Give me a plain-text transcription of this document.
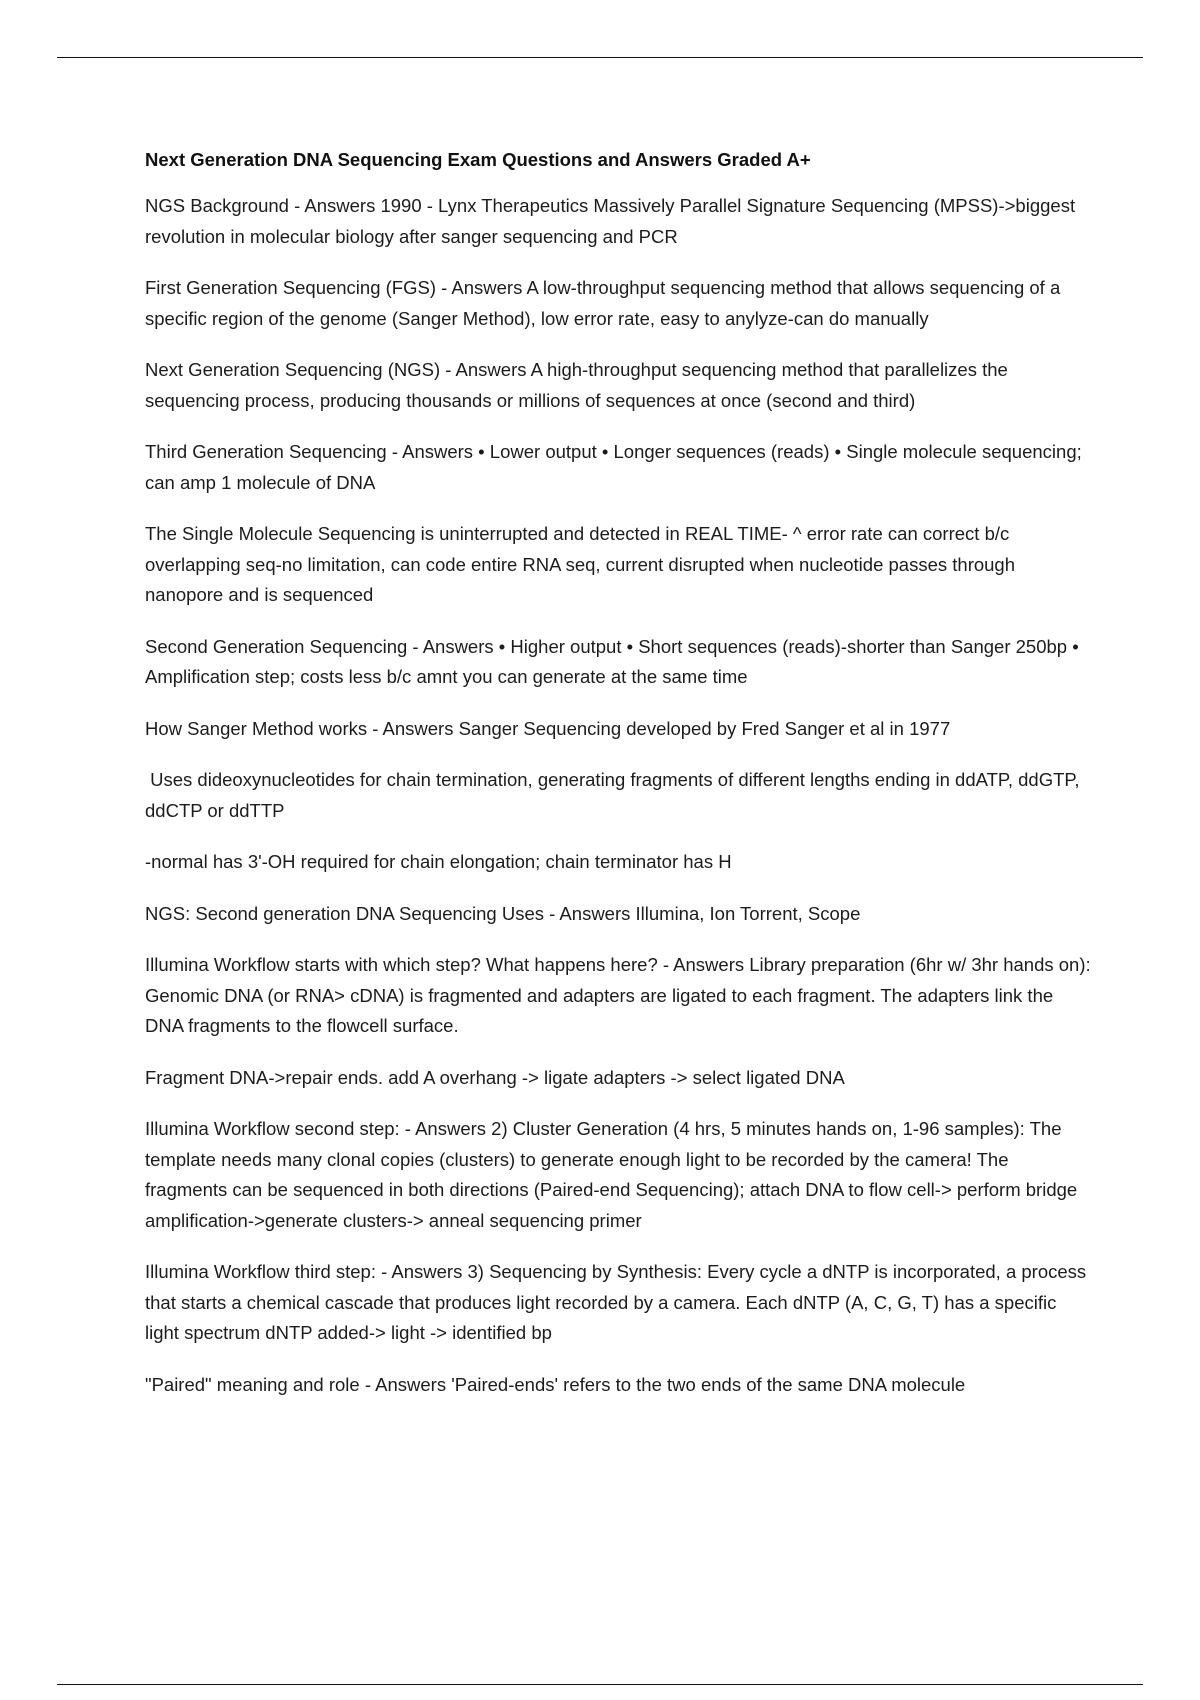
Next Generation DNA Sequencing Exam Questions and Answers Graded A+

NGS Background - Answers 1990 - Lynx Therapeutics Massively Parallel Signature Sequencing (MPSS)->biggest revolution in molecular biology after sanger sequencing and PCR

First Generation Sequencing (FGS) - Answers A low-throughput sequencing method that allows sequencing of a specific region of the genome (Sanger Method), low error rate, easy to anylyze-can do manually

Next Generation Sequencing (NGS) - Answers A high-throughput sequencing method that parallelizes the sequencing process, producing thousands or millions of sequences at once (second and third)

Third Generation Sequencing - Answers • Lower output • Longer sequences (reads) • Single molecule sequencing; can amp 1 molecule of DNA

The Single Molecule Sequencing is uninterrupted and detected in REAL TIME- ^ error rate can correct b/c overlapping seq-no limitation, can code entire RNA seq, current disrupted when nucleotide passes through nanopore and is sequenced

Second Generation Sequencing - Answers • Higher output • Short sequences (reads)-shorter than Sanger 250bp • Amplification step; costs less b/c amnt you can generate at the same time

How Sanger Method works - Answers Sanger Sequencing developed by Fred Sanger et al in 1977

Uses dideoxynucleotides for chain termination, generating fragments of different lengths ending in ddATP, ddGTP, ddCTP or ddTTP

-normal has 3'-OH required for chain elongation; chain terminator has H

NGS: Second generation DNA Sequencing Uses - Answers Illumina, Ion Torrent, Scope

Illumina Workflow starts with which step? What happens here? - Answers Library preparation (6hr w/ 3hr hands on): Genomic DNA (or RNA> cDNA) is fragmented and adapters are ligated to each fragment. The adapters link the DNA fragments to the flowcell surface.

Fragment DNA->repair ends. add A overhang -> ligate adapters -> select ligated DNA

Illumina Workflow second step: - Answers 2) Cluster Generation (4 hrs, 5 minutes hands on, 1-96 samples): The template needs many clonal copies (clusters) to generate enough light to be recorded by the camera! The fragments can be sequenced in both directions (Paired-end Sequencing); attach DNA to flow cell-> perform bridge amplification->generate clusters-> anneal sequencing primer

Illumina Workflow third step: - Answers 3) Sequencing by Synthesis: Every cycle a dNTP is incorporated, a process that starts a chemical cascade that produces light recorded by a camera. Each dNTP (A, C, G, T) has a specific light spectrum dNTP added-> light -> identified bp

"Paired" meaning and role - Answers 'Paired-ends' refers to the two ends of the same DNA molecule
